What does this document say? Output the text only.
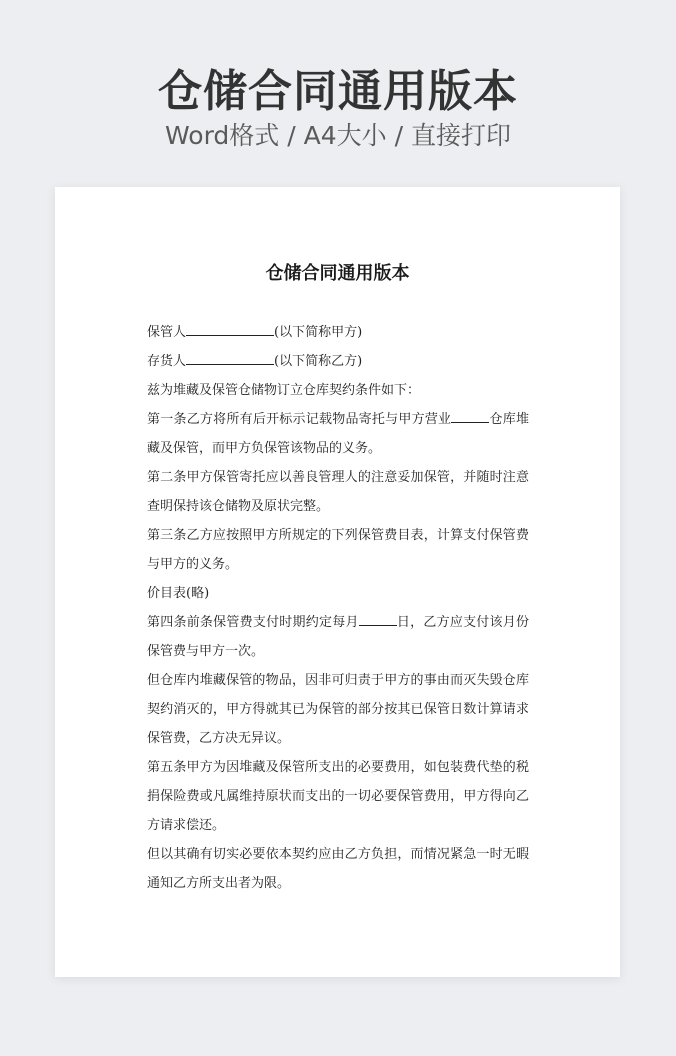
仓储合同通用版本
Word格式 / A4大小 / 直接打印
仓储合同通用版本

保管人	(以下简称甲方)

存货人	(以下简称乙方)

兹为堆藏及保管仓储物订立仓库契约条件如下：

第一条乙方将所有后开标示记载物品寄托与甲方营业	仓库堆藏及保管，而甲方负保管该物品的义务。

第二条甲方保管寄托应以善良管理人的注意妥加保管，并随时注意查明保持该仓储物及原状完整。

第三条乙方应按照甲方所规定的下列保管费目表，计算支付保管费与甲方的义务。

价目表(略)

第四条前条保管费支付时期约定每月	日，乙方应支付该月份保管费与甲方一次。

但仓库内堆藏保管的物品，因非可归责于甲方的事由而灭失毁仓库契约消灭的，甲方得就其已为保管的部分按其已保管日数计算请求保管费，乙方决无异议。

第五条甲方为因堆藏及保管所支出的必要费用，如包装费代垫的税捐保险费或凡属维持原状而支出的一切必要保管费用，甲方得向乙方请求偿还。

但以其确有切实必要依本契约应由乙方负担，而情况紧急一时无暇通知乙方所支出者为限。
